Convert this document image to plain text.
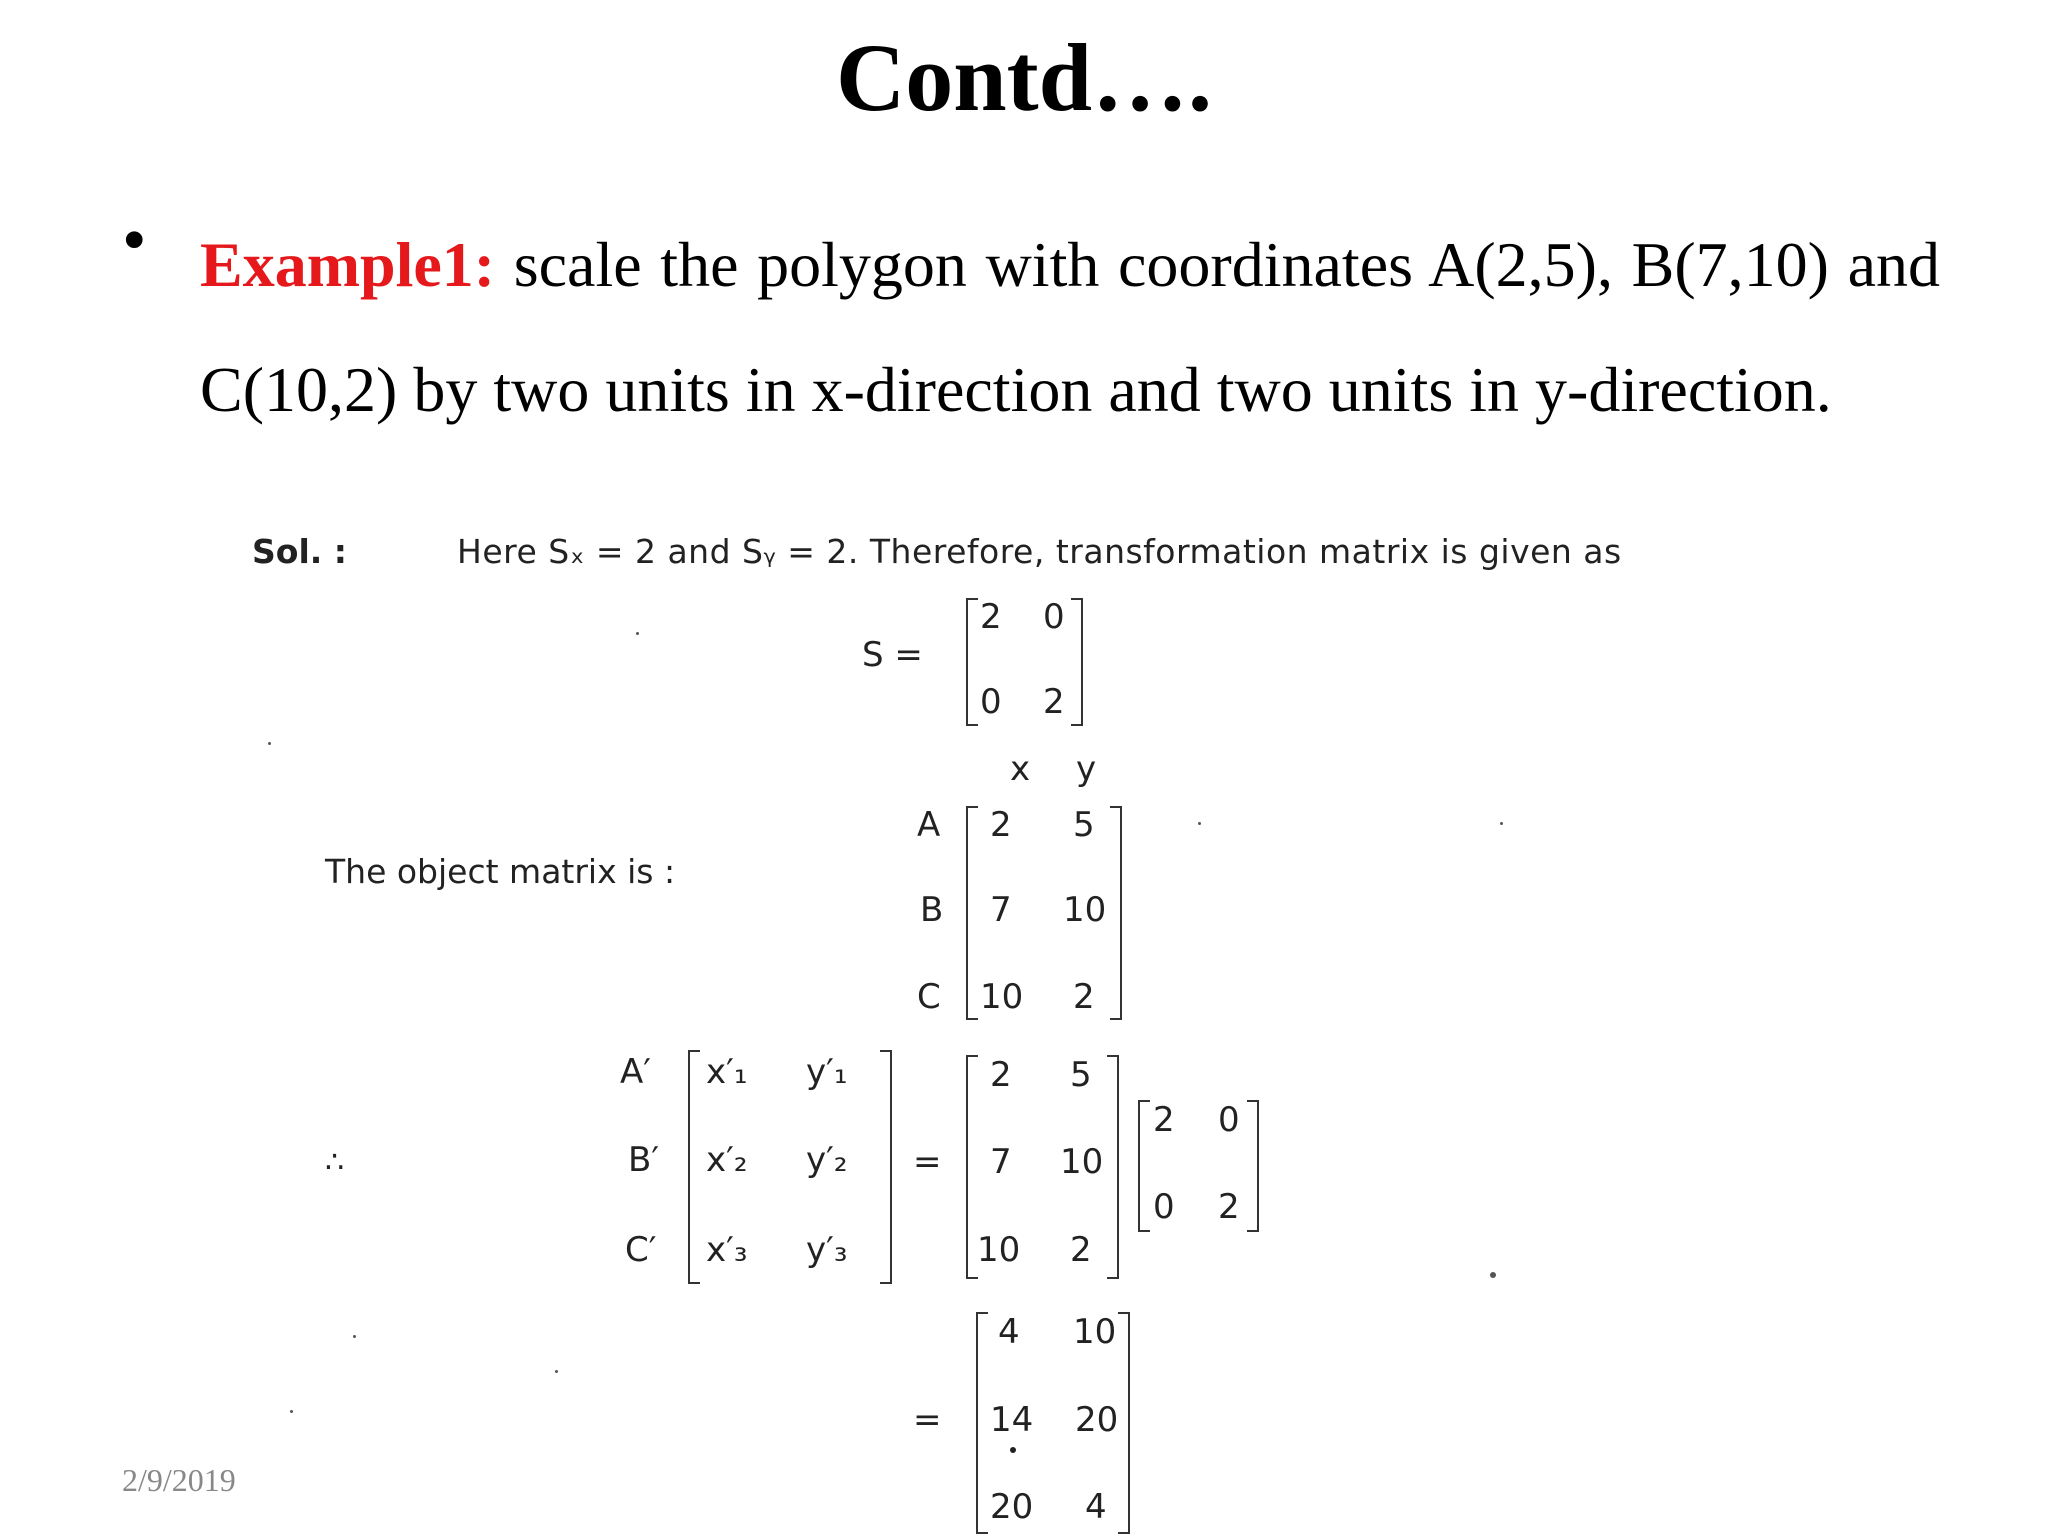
Contd….
• Example1: scale the polygon with coordinates A(2,5), B(7,10) and C(10,2) by two units in x-direction and two units in y-direction.
Sol. :	Here Sₓ = 2 and Sᵧ = 2. Therefore, transformation matrix is given as
S =
2 0
0 2
The object matrix is :
x y
A 2 5
B 7 10
C 10 2
∴
A′
B′
C′
x′₁ y′₁
x′₂ y′₂
x′₃ y′₃
=
2 5
7 10
10 2
2 0
0 2
=
4 10
14 20
20 4
2/9/2019
